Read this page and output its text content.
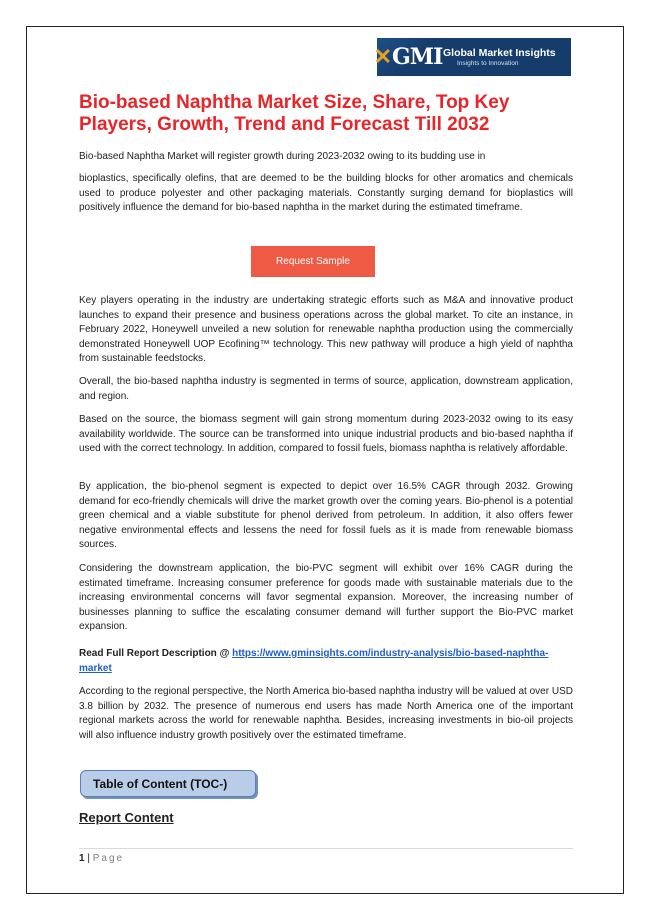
✕ GMI Global Market Insights
Insights to Innovation
Bio-based Naphtha Market Size, Share, Top Key Players, Growth, Trend and Forecast Till 2032

Bio-based Naphtha Market will register growth during 2023-2032 owing to its budding use in

bioplastics, specifically olefins, that are deemed to be the building blocks for other aromatics and chemicals used to produce polyester and other packaging materials. Constantly surging demand for bioplastics will positively influence the demand for bio-based naphtha in the market during the estimated timeframe.

Request Sample

Key players operating in the industry are undertaking strategic efforts such as M&A and innovative product launches to expand their presence and business operations across the global market. To cite an instance, in February 2022, Honeywell unveiled a new solution for renewable naphtha production using the commercially demonstrated Honeywell UOP Ecofining™ technology. This new pathway will produce a high yield of naphtha from sustainable feedstocks.

Overall, the bio-based naphtha industry is segmented in terms of source, application, downstream application, and region.

Based on the source, the biomass segment will gain strong momentum during 2023-2032 owing to its easy availability worldwide. The source can be transformed into unique industrial products and bio-based naphtha if used with the correct technology. In addition, compared to fossil fuels, biomass naphtha is relatively affordable.

By application, the bio-phenol segment is expected to depict over 16.5% CAGR through 2032. Growing demand for eco-friendly chemicals will drive the market growth over the coming years. Bio-phenol is a potential green chemical and a viable substitute for phenol derived from petroleum. In addition, it also offers fewer negative environmental effects and lessens the need for fossil fuels as it is made from renewable biomass sources.

Considering the downstream application, the bio-PVC segment will exhibit over 16% CAGR during the estimated timeframe. Increasing consumer preference for goods made with sustainable materials due to the increasing environmental concerns will favor segmental expansion. Moreover, the increasing number of businesses planning to suffice the escalating consumer demand will further support the Bio-PVC market expansion.

Read Full Report Description @ https://www.gminsights.com/industry-analysis/bio-based-naphtha-market

According to the regional perspective, the North America bio-based naphtha industry will be valued at over USD 3.8 billion by 2032. The presence of numerous end users has made North America one of the important regional markets across the world for renewable naphtha. Besides, increasing investments in bio-oil projects will also influence industry growth positively over the estimated timeframe.

Table of Content (TOC-)
Report Content
1 | Page
